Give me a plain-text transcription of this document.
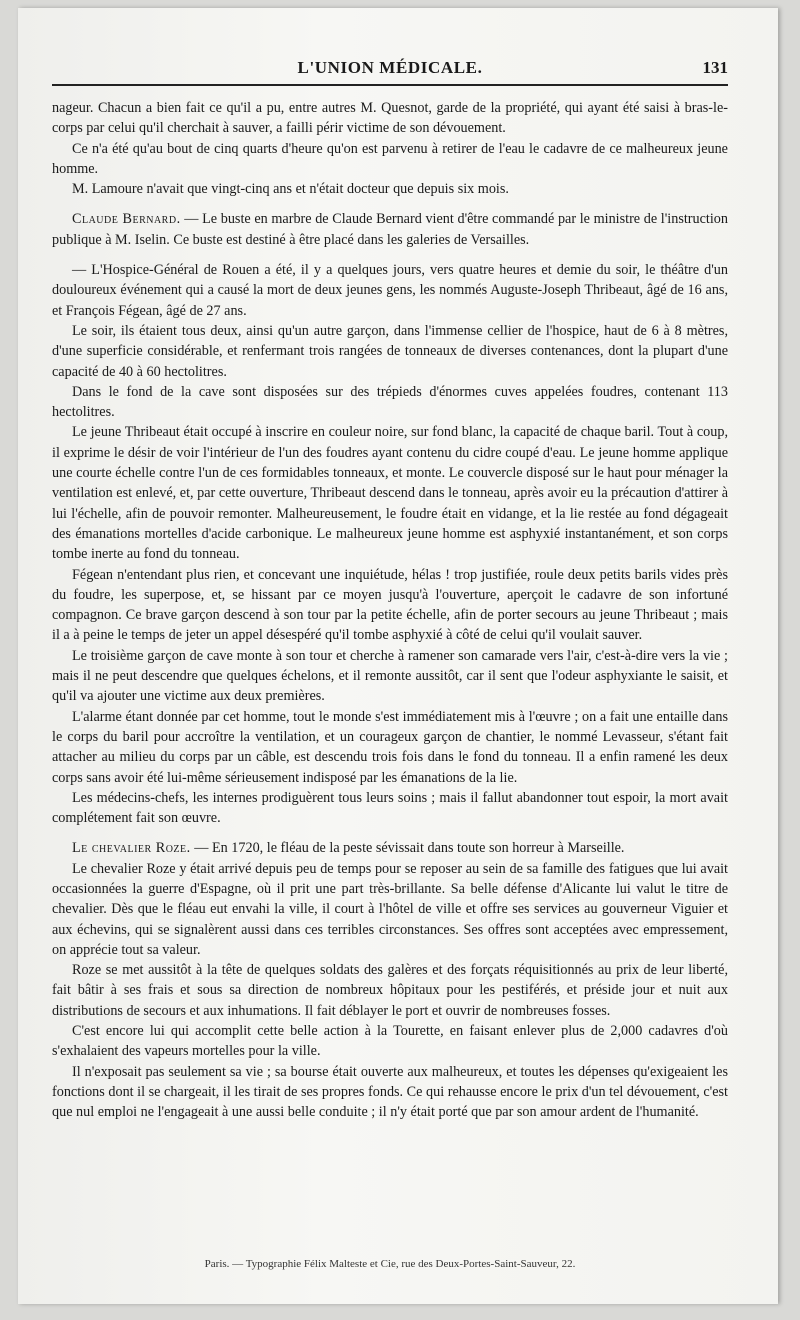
L'UNION MÉDICALE.	131

nageur. Chacun a bien fait ce qu'il a pu, entre autres M. Quesnot, garde de la propriété, qui ayant été saisi à bras-le-corps par celui qu'il cherchait à sauver, a failli périr victime de son dévouement.

Ce n'a été qu'au bout de cinq quarts d'heure qu'on est parvenu à retirer de l'eau le cadavre de ce malheureux jeune homme.

M. Lamoure n'avait que vingt-cinq ans et n'était docteur que depuis six mois.

Claude Bernard. — Le buste en marbre de Claude Bernard vient d'être commandé par le ministre de l'instruction publique à M. Iselin. Ce buste est destiné à être placé dans les galeries de Versailles.

— L'Hospice-Général de Rouen a été, il y a quelques jours, vers quatre heures et demie du soir, le théâtre d'un douloureux événement qui a causé la mort de deux jeunes gens, les nommés Auguste-Joseph Thribeaut, âgé de 16 ans, et François Fégean, âgé de 27 ans.

Le soir, ils étaient tous deux, ainsi qu'un autre garçon, dans l'immense cellier de l'hospice, haut de 6 à 8 mètres, d'une superficie considérable, et renfermant trois rangées de tonneaux de diverses contenances, dont la plupart d'une capacité de 40 à 60 hectolitres.

Dans le fond de la cave sont disposées sur des trépieds d'énormes cuves appelées foudres, contenant 113 hectolitres.

Le jeune Thribeaut était occupé à inscrire en couleur noire, sur fond blanc, la capacité de chaque baril. Tout à coup, il exprime le désir de voir l'intérieur de l'un des foudres ayant contenu du cidre coupé d'eau. Le jeune homme applique une courte échelle contre l'un de ces formidables tonneaux, et monte. Le couvercle disposé sur le haut pour ménager la ventilation est enlevé, et, par cette ouverture, Thribeaut descend dans le tonneau, après avoir eu la précaution d'attirer à lui l'échelle, afin de pouvoir remonter. Malheureusement, le foudre était en vidange, et la lie restée au fond dégageait des émanations mortelles d'acide carbonique. Le malheureux jeune homme est asphyxié instantanément, et son corps tombe inerte au fond du tonneau.

Fégean n'entendant plus rien, et concevant une inquiétude, hélas ! trop justifiée, roule deux petits barils vides près du foudre, les superpose, et, se hissant par ce moyen jusqu'à l'ouverture, aperçoit le cadavre de son infortuné compagnon. Ce brave garçon descend à son tour par la petite échelle, afin de porter secours au jeune Thribeaut ; mais il a à peine le temps de jeter un appel désespéré qu'il tombe asphyxié à côté de celui qu'il voulait sauver.

Le troisième garçon de cave monte à son tour et cherche à ramener son camarade vers l'air, c'est-à-dire vers la vie ; mais il ne peut descendre que quelques échelons, et il remonte aussitôt, car il sent que l'odeur asphyxiante le saisit, et qu'il va ajouter une victime aux deux premières.

L'alarme étant donnée par cet homme, tout le monde s'est immédiatement mis à l'œuvre ; on a fait une entaille dans le corps du baril pour accroître la ventilation, et un courageux garçon de chantier, le nommé Levasseur, s'étant fait attacher au milieu du corps par un câble, est descendu trois fois dans le fond du tonneau. Il a enfin ramené les deux corps sans avoir été lui-même sérieusement indisposé par les émanations de la lie.

Les médecins-chefs, les internes prodiguèrent tous leurs soins ; mais il fallut abandonner tout espoir, la mort avait complétement fait son œuvre.

Le chevalier Roze. — En 1720, le fléau de la peste sévissait dans toute son horreur à Marseille.

Le chevalier Roze y était arrivé depuis peu de temps pour se reposer au sein de sa famille des fatigues que lui avait occasionnées la guerre d'Espagne, où il prit une part très-brillante. Sa belle défense d'Alicante lui valut le titre de chevalier. Dès que le fléau eut envahi la ville, il court à l'hôtel de ville et offre ses services au gouverneur Viguier et aux échevins, qui se signalèrent aussi dans ces terribles circonstances. Ses offres sont acceptées avec empressement, on apprécie tout sa valeur.

Roze se met aussitôt à la tête de quelques soldats des galères et des forçats réquisitionnés au prix de leur liberté, fait bâtir à ses frais et sous sa direction de nombreux hôpitaux pour les pestiférés, et préside jour et nuit aux distributions de secours et aux inhumations. Il fait déblayer le port et ouvrir de nombreuses fosses.

C'est encore lui qui accomplit cette belle action à la Tourette, en faisant enlever plus de 2,000 cadavres d'où s'exhalaient des vapeurs mortelles pour la ville.

Il n'exposait pas seulement sa vie ; sa bourse était ouverte aux malheureux, et toutes les dépenses qu'exigeaient les fonctions dont il se chargeait, il les tirait de ses propres fonds. Ce qui rehausse encore le prix d'un tel dévouement, c'est que nul emploi ne l'engageait à une aussi belle conduite ; il n'y était porté que par son amour ardent de l'humanité.

Paris. — Typographie Félix Malteste et Cie, rue des Deux-Portes-Saint-Sauveur, 22.
